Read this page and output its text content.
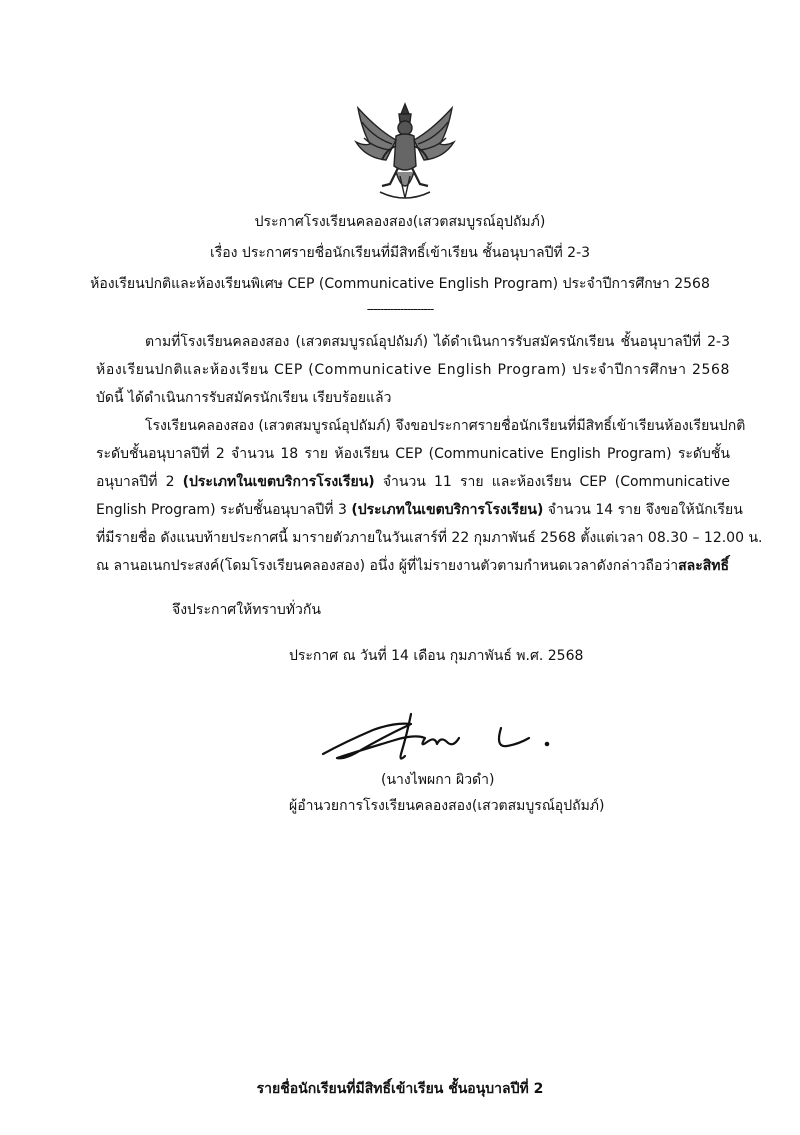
ประกาศโรงเรียนคลองสอง(เสวตสมบูรณ์อุปถัมภ์)
เรื่อง ประกาศรายชื่อนักเรียนที่มีสิทธิ์เข้าเรียน ชั้นอนุบาลปีที่ 2-3
ห้องเรียนปกติและห้องเรียนพิเศษ CEP (Communicative English Program) ประจำปีการศึกษา 2568
--------------------
ตามที่โรงเรียนคลองสอง (เสวตสมบูรณ์อุปถัมภ์) ได้ดำเนินการรับสมัครนักเรียน ชั้นอนุบาลปีที่ 2-3
ห้องเรียนปกติและห้องเรียน CEP (Communicative English Program) ประจำปีการศึกษา 2568
บัดนี้ ได้ดำเนินการรับสมัครนักเรียน เรียบร้อยแล้ว
โรงเรียนคลองสอง (เสวตสมบูรณ์อุปถัมภ์) จึงขอประกาศรายชื่อนักเรียนที่มีสิทธิ์เข้าเรียนห้องเรียนปกติ
ระดับชั้นอนุบาลปีที่ 2 จำนวน 18 ราย ห้องเรียน CEP (Communicative English Program) ระดับชั้น
อนุบาลปีที่ 2 (ประเภทในเขตบริการโรงเรียน) จำนวน 11 ราย และห้องเรียน CEP (Communicative
English Program) ระดับชั้นอนุบาลปีที่ 3 (ประเภทในเขตบริการโรงเรียน) จำนวน 14 ราย จึงขอให้นักเรียน
ที่มีรายชื่อ ดังแนบท้ายประกาศนี้ มารายตัวภายในวันเสาร์ที่ 22 กุมภาพันธ์ 2568 ตั้งแต่เวลา 08.30 – 12.00 น.
ณ ลานอเนกประสงค์(โดมโรงเรียนคลองสอง) อนึ่ง ผู้ที่ไม่รายงานตัวตามกำหนดเวลาดังกล่าวถือว่าสละสิทธิ์
จึงประกาศให้ทราบทั่วกัน
ประกาศ ณ วันที่ 14 เดือน กุมภาพันธ์ พ.ศ. 2568
(นางไพผกา ผิวดำ)
ผู้อำนวยการโรงเรียนคลองสอง(เสวตสมบูรณ์อุปถัมภ์)
รายชื่อนักเรียนที่มีสิทธิ์เข้าเรียน ชั้นอนุบาลปีที่ 2
